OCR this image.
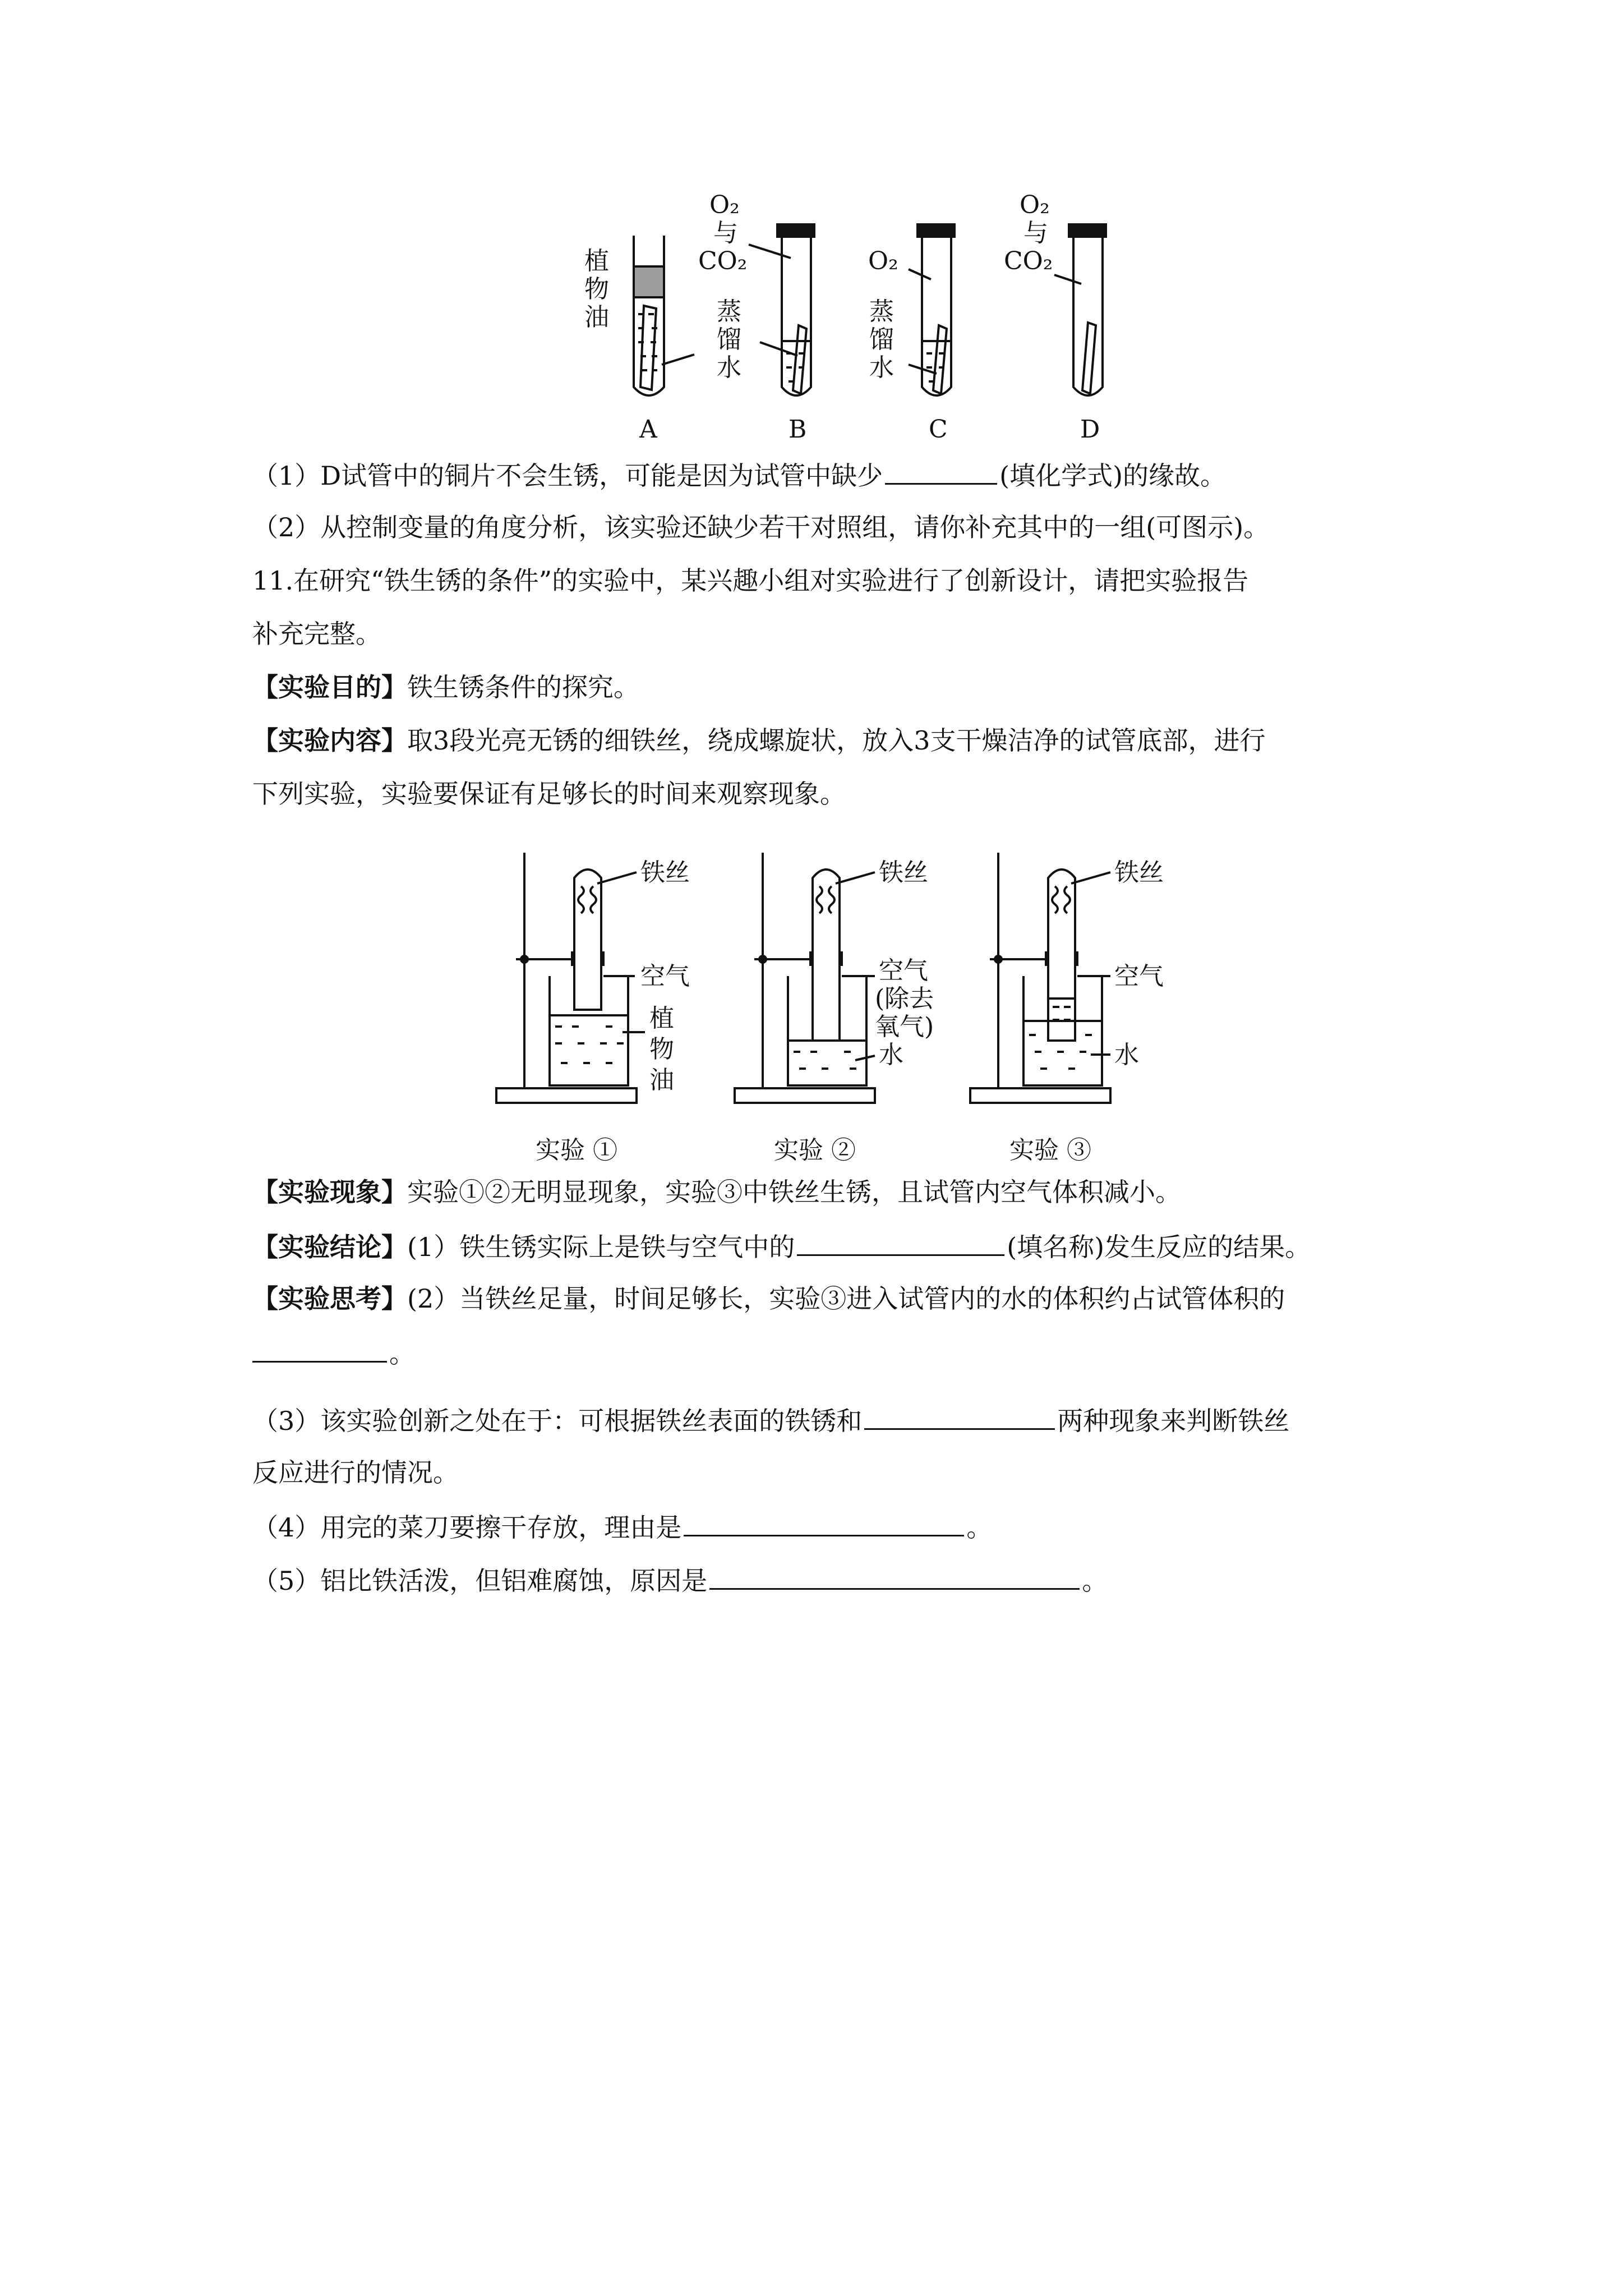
植
物
油
O₂
与
CO₂
蒸
馏
水
O₂
蒸
馏
水
O₂
与
CO₂
A	B	C	D
（1）D试管中的铜片不会生锈，可能是因为试管中缺少	(填化学式)的缘故。
（2）从控制变量的角度分析，该实验还缺少若干对照组，请你补充其中的一组(可图示)。
11.在研究“铁生锈的条件”的实验中，某兴趣小组对实验进行了创新设计，请把实验报告
补充完整。
【实验目的】铁生锈条件的探究。
【实验内容】取3段光亮无锈的细铁丝，绕成螺旋状，放入3支干燥洁净的试管底部，进行
下列实验，实验要保证有足够长的时间来观察现象。
铁丝
空气
植
物
油
铁丝
空气
(除去
氧气)
水
铁丝
空气
水
实验 ①	实验 ②	实验 ③
【实验现象】实验①②无明显现象，实验③中铁丝生锈，且试管内空气体积减小。
【实验结论】(1）铁生锈实际上是铁与空气中的	(填名称)发生反应的结果。
【实验思考】(2）当铁丝足量，时间足够长，实验③进入试管内的水的体积约占试管体积的
。
（3）该实验创新之处在于：可根据铁丝表面的铁锈和	两种现象来判断铁丝
反应进行的情况。
（4）用完的菜刀要擦干存放，理由是	。
（5）铝比铁活泼，但铝难腐蚀，原因是	。
